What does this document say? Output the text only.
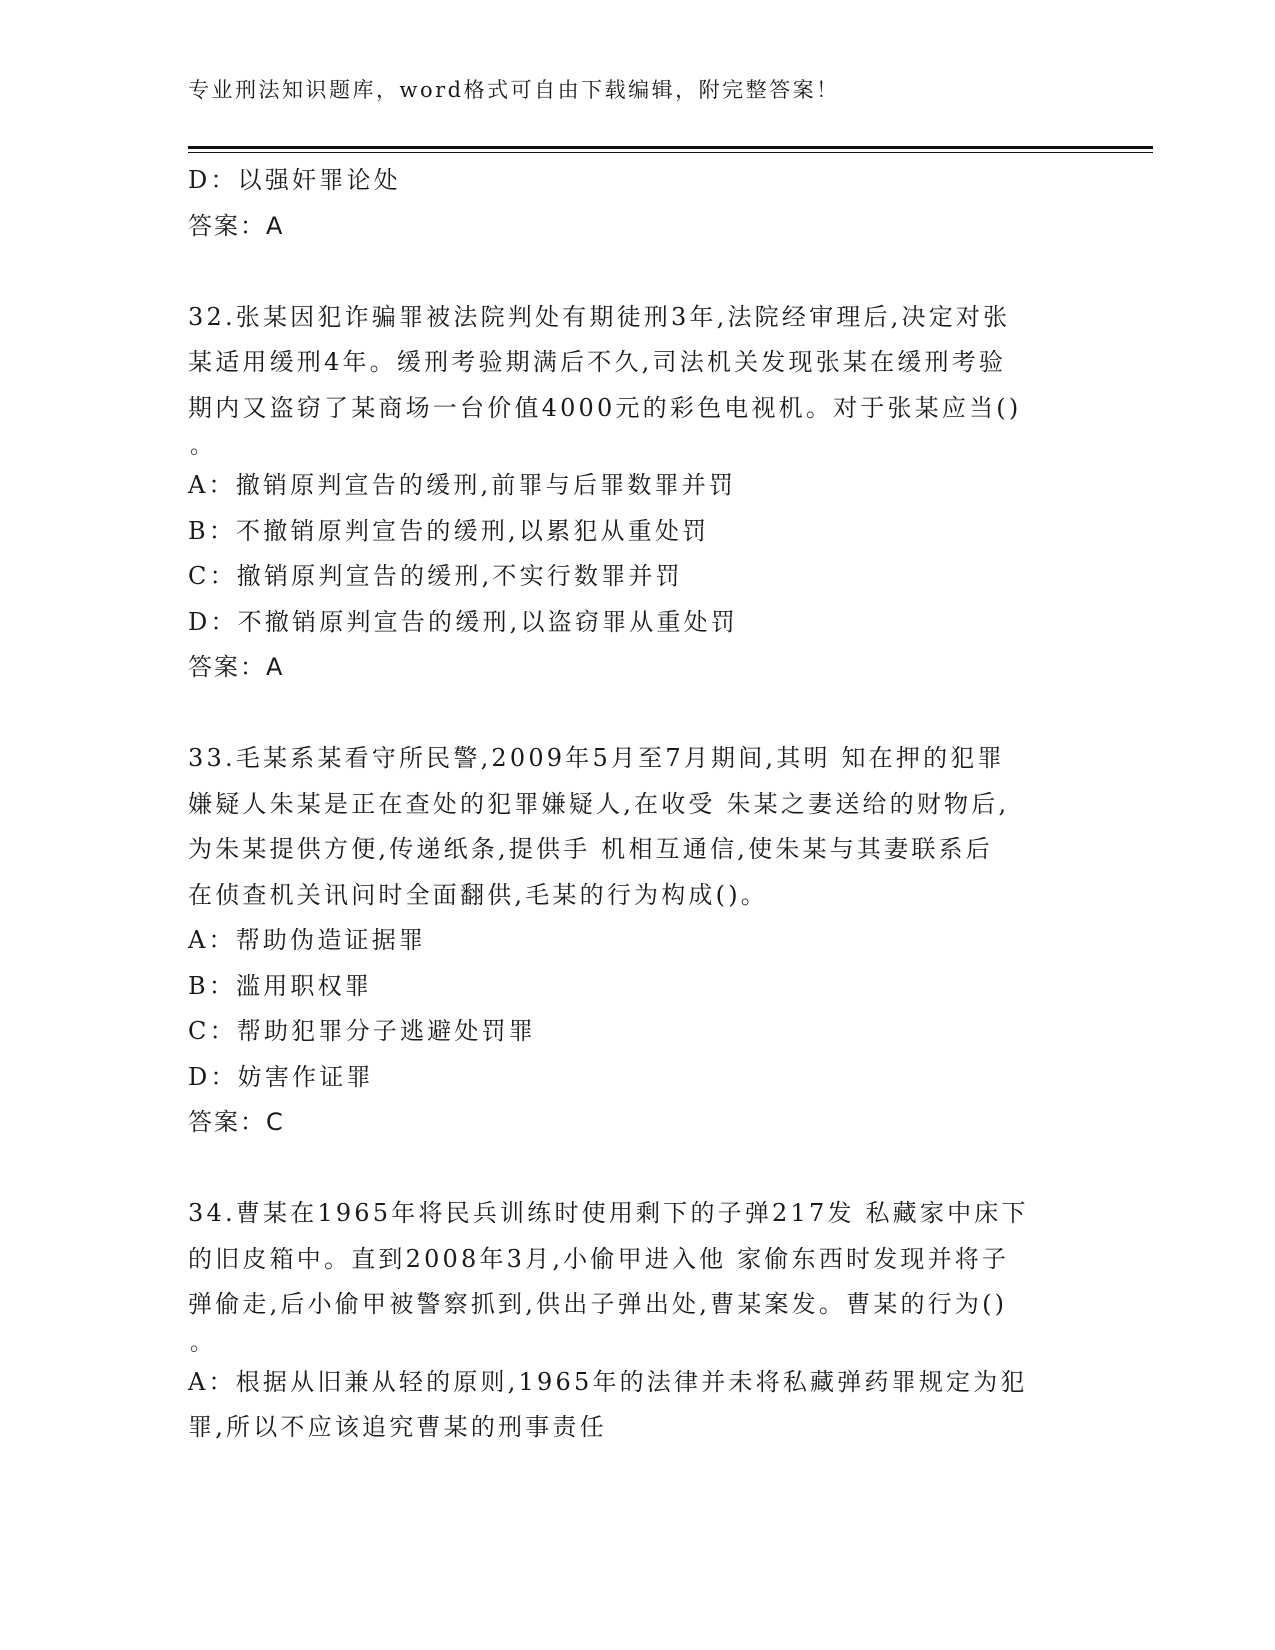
专业刑法知识题库，word格式可自由下载编辑，附完整答案！
D：以强奸罪论处
答案：A
32.张某因犯诈骗罪被法院判处有期徒刑3年,法院经审理后,决定对张
某适用缓刑4年。缓刑考验期满后不久,司法机关发现张某在缓刑考验
期内又盗窃了某商场一台价值4000元的彩色电视机。对于张某应当()
。
A：撤销原判宣告的缓刑,前罪与后罪数罪并罚
B：不撤销原判宣告的缓刑,以累犯从重处罚
C：撤销原判宣告的缓刑,不实行数罪并罚
D：不撤销原判宣告的缓刑,以盗窃罪从重处罚
答案：A
33.毛某系某看守所民警,2009年5月至7月期间,其明 知在押的犯罪
嫌疑人朱某是正在查处的犯罪嫌疑人,在收受 朱某之妻送给的财物后,
为朱某提供方便,传递纸条,提供手 机相互通信,使朱某与其妻联系后
在侦查机关讯问时全面翻供,毛某的行为构成()。
A：帮助伪造证据罪
B：滥用职权罪
C：帮助犯罪分子逃避处罚罪
D：妨害作证罪
答案：C
34.曹某在1965年将民兵训练时使用剩下的子弹217发 私藏家中床下
的旧皮箱中。直到2008年3月,小偷甲进入他 家偷东西时发现并将子
弹偷走,后小偷甲被警察抓到,供出子弹出处,曹某案发。曹某的行为()
。
A：根据从旧兼从轻的原则,1965年的法律并未将私藏弹药罪规定为犯
罪,所以不应该追究曹某的刑事责任
